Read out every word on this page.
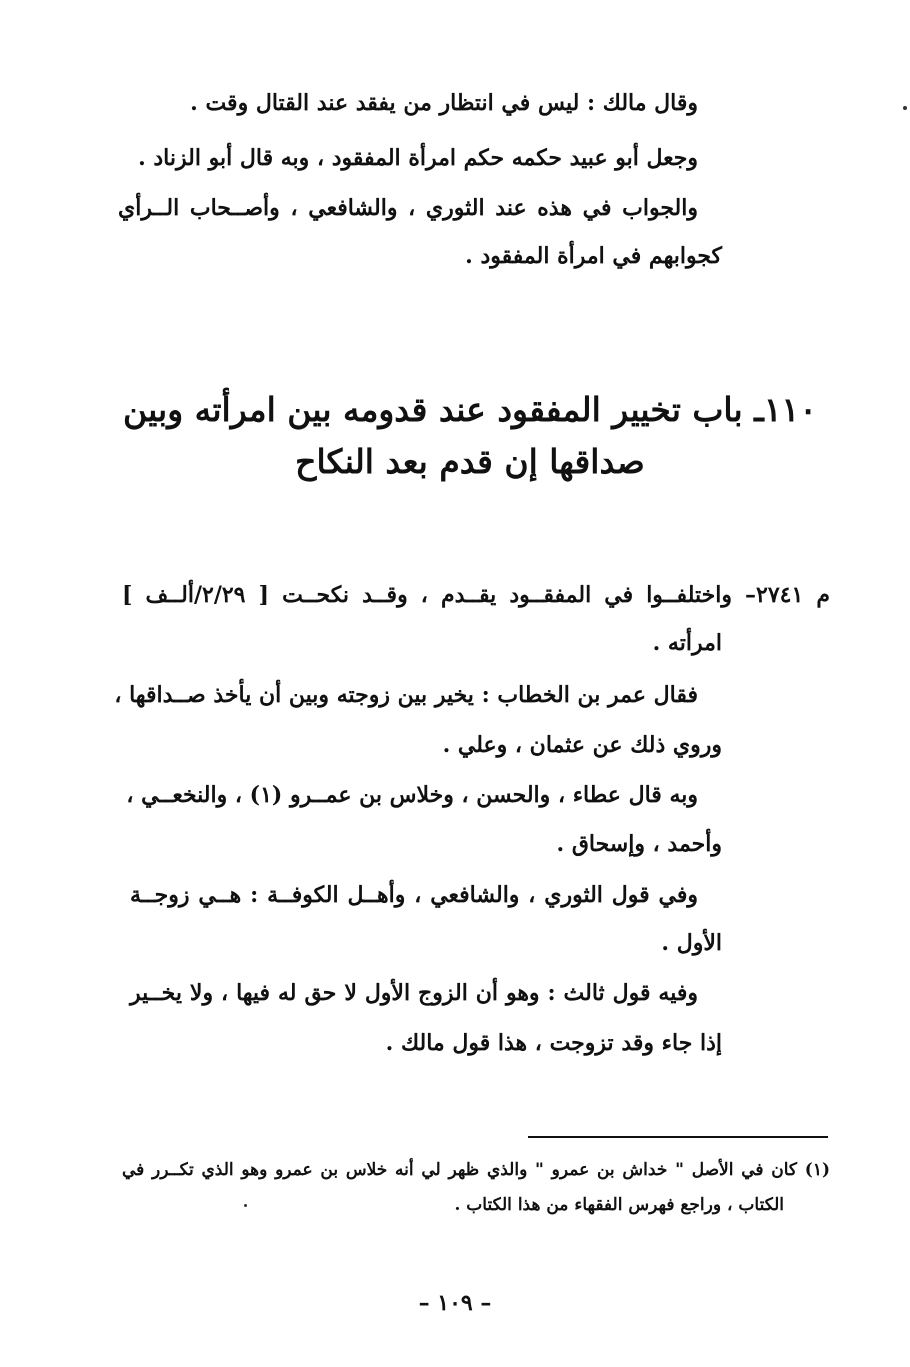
وقال مالك : ليس في انتظار من يفقد عند القتال وقت .
وجعل أبو عبيد حكمه حكم امرأة المفقود ، وبه قال أبو الزناد .
والجواب في هذه عند الثوري ، والشافعي ، وأصــحاب الــرأي
كجوابهم في امرأة المفقود .
١١٠ـ باب تخيير المفقود عند قدومه بين امرأته وبين
صداقها إن قدم بعد النكاح
م ٢٧٤١– واختلفــوا في المفقــود يقــدم ، وقــد نكحــت [ ٢/٢٩/ألــف ]
امرأته .
فقال عمر بن الخطاب : يخير بين زوجته وبين أن يأخذ صــداقها ،
وروي ذلك عن عثمان ، وعلي .
وبه قال عطاء ، والحسن ، وخلاس بن عمــرو (١) ، والنخعــي ،
وأحمد ، وإسحاق .
وفي قول الثوري ، والشافعي ، وأهــل الكوفــة : هــي زوجــة
الأول .
وفيه قول ثالث : وهو أن الزوج الأول لا حق له فيها ، ولا يخــير
إذا جاء وقد تزوجت ، هذا قول مالك .
(١) كان في الأصل " خداش بن عمرو " والذي ظهر لي أنه خلاس بن عمرو وهو الذي تكــرر في
الكتاب ، وراجع فهرس الفقهاء من هذا الكتاب .
– ١٠٩ –
